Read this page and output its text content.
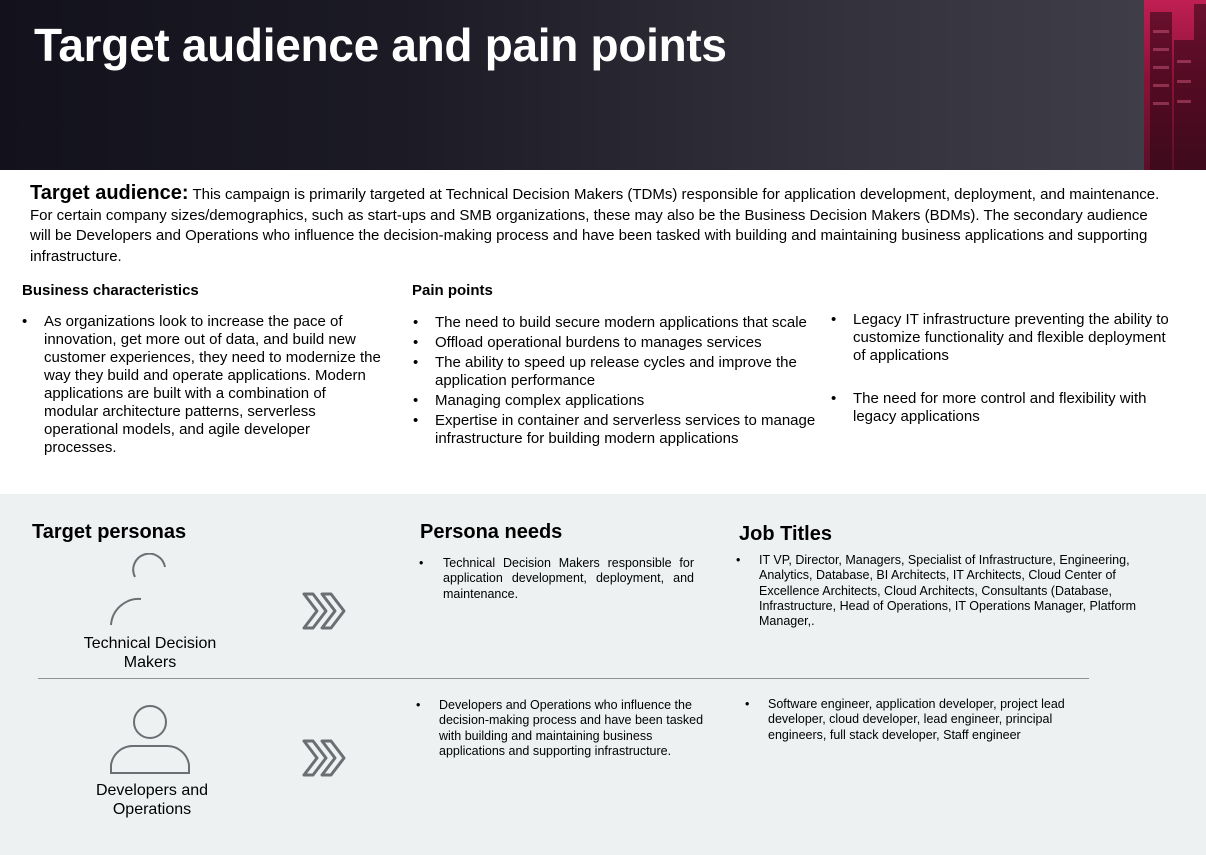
Target audience and pain points
Target audience: This campaign is primarily targeted at Technical Decision Makers (TDMs) responsible for application development, deployment, and maintenance. For certain company sizes/demographics, such as start-ups and SMB organizations, these may also be the Business Decision Makers (BDMs). The secondary audience will be Developers and Operations who influence the decision-making process and have been tasked with building and maintaining business applications and supporting infrastructure.
Business characteristics
• As organizations look to increase the pace of innovation, get more out of data, and build new customer experiences, they need to modernize the way they build and operate applications. Modern applications are built with a combination of modular architecture patterns, serverless operational models, and agile developer processes.
Pain points
• The need to build secure modern applications that scale
• Offload operational burdens to manages services
• The ability to speed up release cycles and improve the application performance
• Managing complex applications
• Expertise in container and serverless services to manage infrastructure for building modern applications
• Legacy IT infrastructure preventing the ability to customize functionality and flexible deployment of applications
• The need for more control and flexibility with legacy applications
Target personas	Persona needs	Job Titles
Technical Decision
Makers
• Technical Decision Makers responsible for application development, deployment, and maintenance.
• IT VP, Director, Managers, Specialist of Infrastructure, Engineering, Analytics, Database, BI Architects, IT Architects, Cloud Center of Excellence Architects, Cloud Architects, Consultants (Database, Infrastructure, Head of Operations, IT Operations Manager, Platform Manager,.
Developers and
Operations
• Developers and Operations who influence the decision-making process and have been tasked with building and maintaining business applications and supporting infrastructure.
• Software engineer, application developer, project lead developer, cloud developer, lead engineer, principal engineers, full stack developer, Staff engineer
